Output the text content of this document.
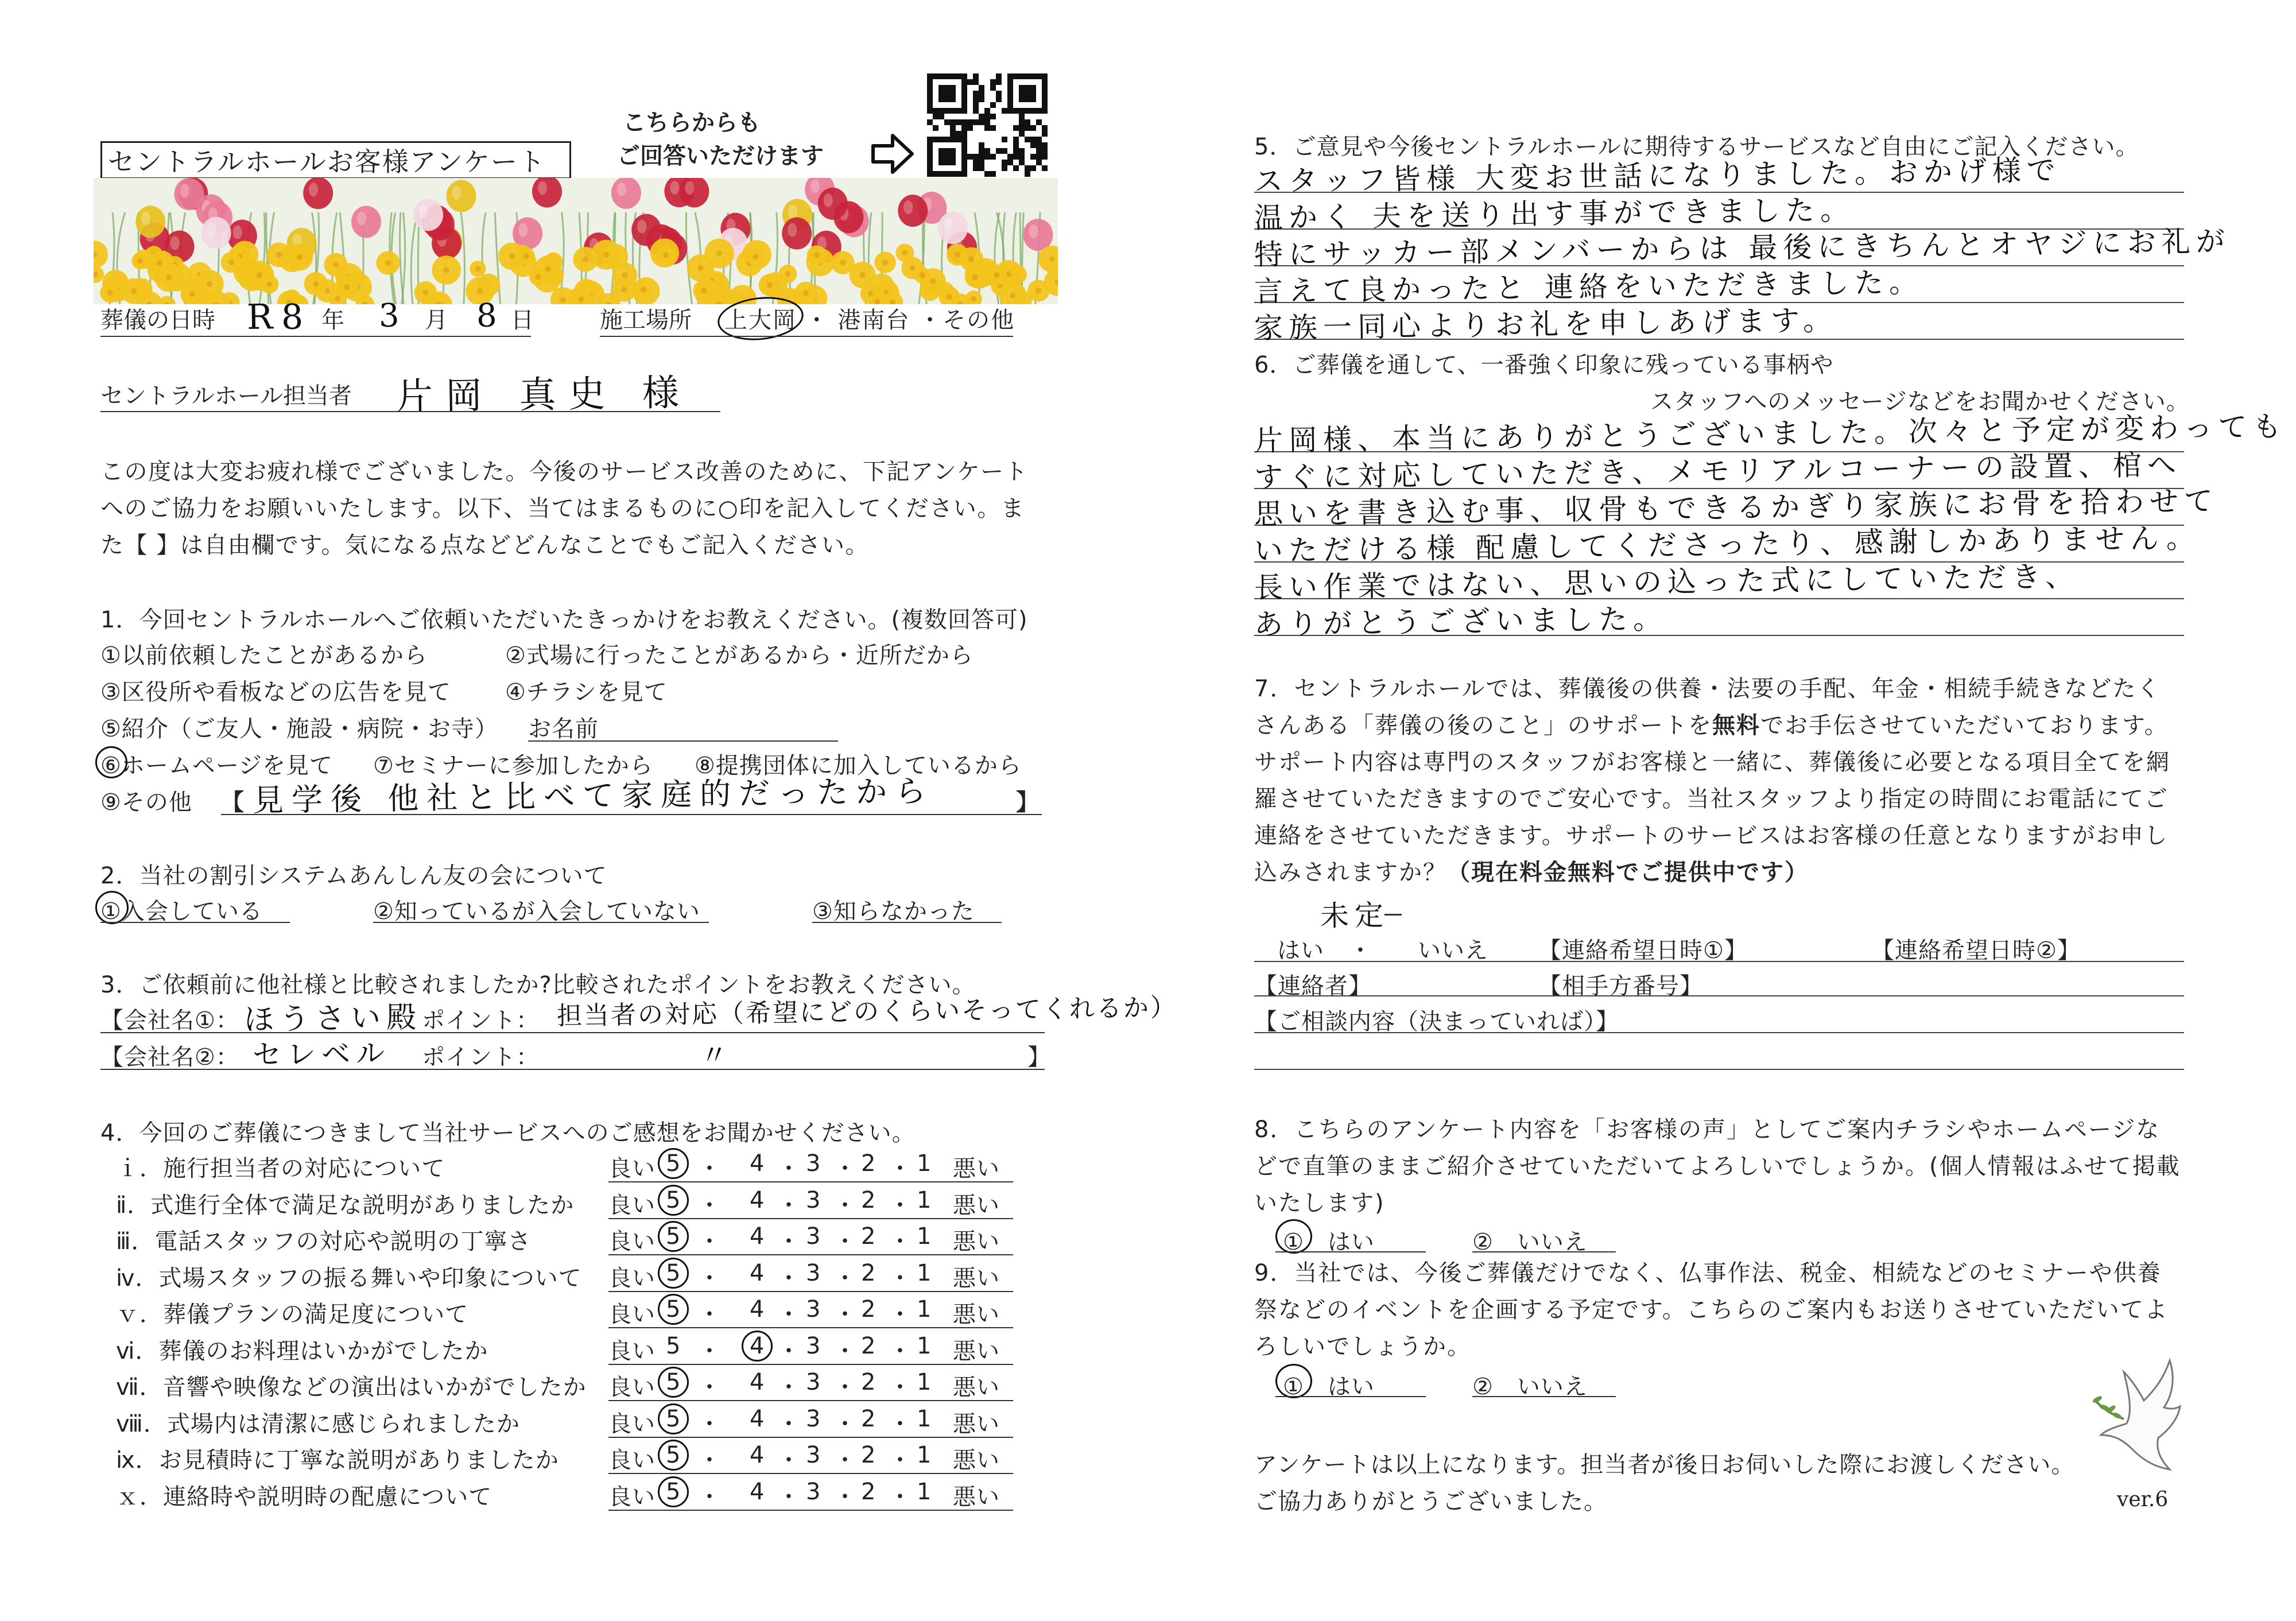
セントラルホールお客様アンケート
こちらからも
ご回答いただけます
葬儀の日時 R 8 年 3 月 8 日	施工場所 上大岡 ・ 港南台 ・その他
セントラルホール担当者 片岡 真史 様
この度は大変お疲れ様でございました。今後のサービス改善のために、下記アンケートへのご協力をお願いいたします。以下、当てはまるものに○印を記入してください。また【 】は自由欄です。気になる点などどんなことでもご記入ください。
1．今回セントラルホールへご依頼いただいたきっかけをお教えください。(複数回答可)
①以前依頼したことがあるから	②式場に行ったことがあるから・近所だから
③区役所や看板などの広告を見て ④チラシを見て
⑤紹介（ご友人・施設・病院・お寺） お名前
⑥ホームページを見て ⑦セミナーに参加したから ⑧提携団体に加入しているから
⑨その他 【 見学後 他社と比べて家庭的だったから	】
2．当社の割引システムあんしん友の会について
①入会している	②知っているが入会していない	③知らなかった
3．ご依頼前に他社様と比較されましたか?比較されたポイントをお教えください。
【会社名①： ほうさい殿 ポイント： 担当者の対応（希望にどのくらいそってくれるか）
【会社名②： セレベル ポイント：	〃	】
4．今回のご葬儀につきまして当社サービスへのご感想をお聞かせください。
ｉ．施行担当者の対応について	良い 5 ・ 4 ・ 3 ・ 2 ・ 1 悪い
ⅱ．式進行全体で満足な説明がありましたか 良い 5 ・ 4 ・ 3 ・ 2 ・ 1 悪い
ⅲ．電話スタッフの対応や説明の丁寧さ	良い 5 ・ 4 ・ 3 ・ 2 ・ 1 悪い
ⅳ．式場スタッフの振る舞いや印象について 良い 5 ・ 4 ・ 3 ・ 2 ・ 1 悪い
ｖ．葬儀プランの満足度について	良い 5 ・ 4 ・ 3 ・ 2 ・ 1 悪い
ⅵ．葬儀のお料理はいかがでしたか	良い 5 ・ 4 ・ 3 ・ 2 ・ 1 悪い
ⅶ．音響や映像などの演出はいかがでしたか 良い 5 ・ 4 ・ 3 ・ 2 ・ 1 悪い
ⅷ．式場内は清潔に感じられましたか	良い 5 ・ 4 ・ 3 ・ 2 ・ 1 悪い
ⅸ．お見積時に丁寧な説明がありましたか 良い 5 ・ 4 ・ 3 ・ 2 ・ 1 悪い
ｘ．連絡時や説明時の配慮について	良い 5 ・ 4 ・ 3 ・ 2 ・ 1 悪い
5．ご意見や今後セントラルホールに期待するサービスなど自由にご記入ください。
スタッフ皆様 大変お世話になりました。おかげ様で
温かく 夫を送り出す事ができました。
特にサッカー部メンバーからは 最後にきちんとオヤジにお礼が
言えて良かったと 連絡をいただきました。
家族一同心よりお礼を申しあげます。
6．ご葬儀を通して、一番強く印象に残っている事柄や
スタッフへのメッセージなどをお聞かせください。
片岡様、本当にありがとうございました。次々と予定が変わっても
すぐに対応していただき、メモリアルコーナーの設置、棺へ
思いを書き込む事、収骨もできるかぎり家族にお骨を拾わせて
いただける様 配慮してくださったり、感謝しかありません。
長い作業ではない、思いの込った式にしていただき、
ありがとうございました。
7．セントラルホールでは、葬儀後の供養・法要の手配、年金・相続手続きなどたくさんある「葬儀の後のこと」のサポートを無料でお手伝させていただいております。サポート内容は専門のスタッフがお客様と一緒に、葬儀後に必要となる項目全てを網羅させていただきますのでご安心です。当社スタッフより指定の時間にお電話にてご連絡をさせていただきます。サポートのサービスはお客様の任意となりますがお申し込みされますか？（現在料金無料でご提供中です）
未定
はい ・ いいえ 【連絡希望日時①】	【連絡希望日時②】
【連絡者】	【相手方番号】
【ご相談内容（決まっていれば）】
8．こちらのアンケート内容を「お客様の声」としてご案内チラシやホームページなどで直筆のままご紹介させていただいてよろしいでしょうか。(個人情報はふせて掲載いたします)
①　はい	②　いいえ
9．当社では、今後ご葬儀だけでなく、仏事作法、税金、相続などのセミナーや供養祭などのイベントを企画する予定です。こちらのご案内もお送りさせていただいてよろしいでしょうか。
①　はい	②　いいえ
アンケートは以上になります。担当者が後日お伺いした際にお渡しください。
ご協力ありがとうございました。	ver.6
